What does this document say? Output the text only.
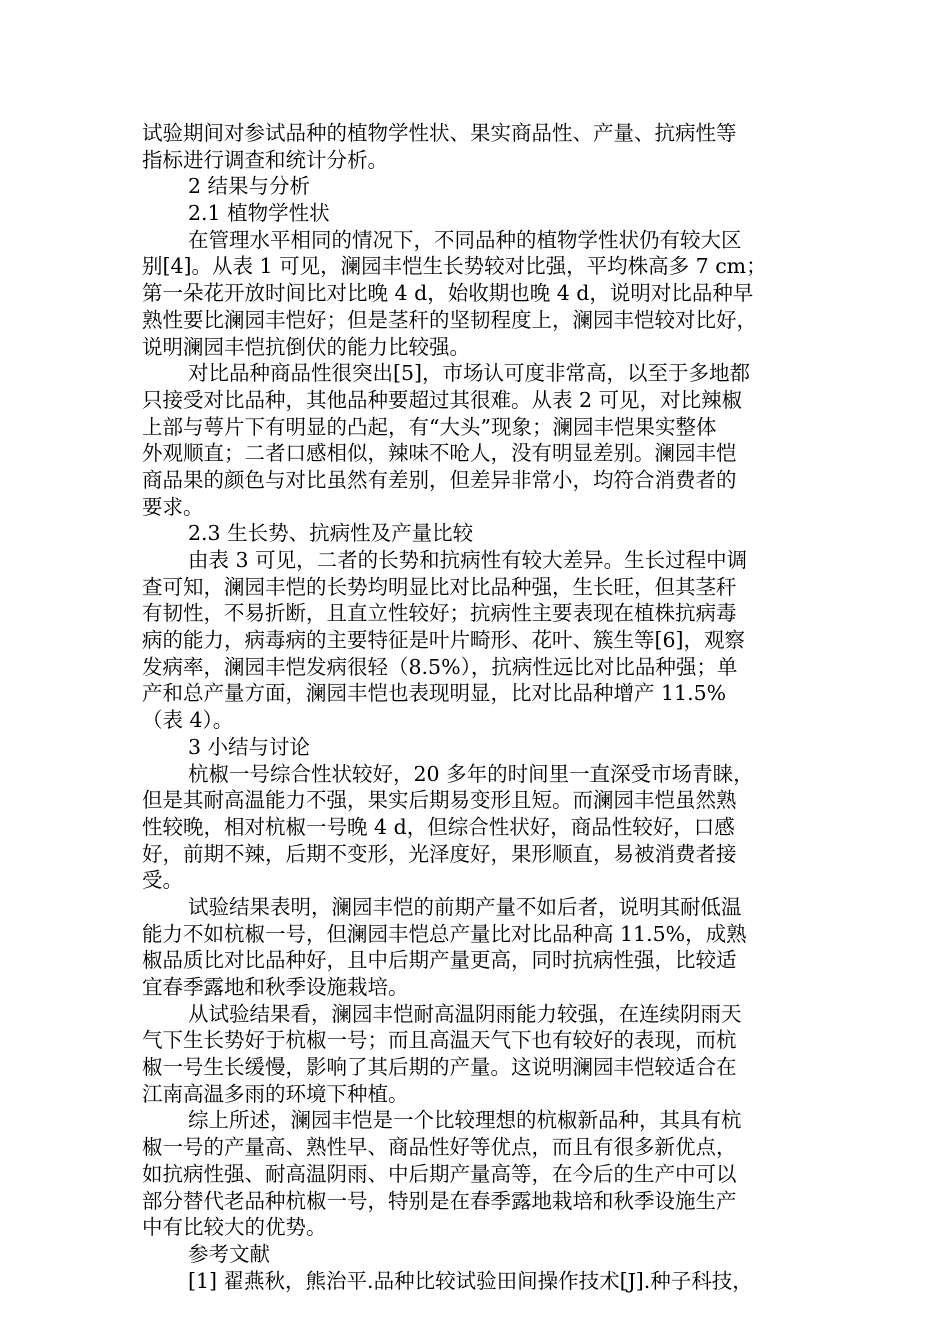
试验期间对参试品种的植物学性状、果实商品性、产量、抗病性等
指标进行调查和统计分析。
2 结果与分析
2.1 植物学性状
在管理水平相同的情况下，不同品种的植物学性状仍有较大区
别[4]。从表 1 可见，澜园丰恺生长势较对比强，平均株高多 7 cm；
第一朵花开放时间比对比晚 4 d，始收期也晚 4 d，说明对比品种早
熟性要比澜园丰恺好；但是茎秆的坚韧程度上，澜园丰恺较对比好，
说明澜园丰恺抗倒伏的能力比较强。
对比品种商品性很突出[5]，市场认可度非常高，以至于多地都
只接受对比品种，其他品种要超过其很难。从表 2 可见，对比辣椒
上部与萼片下有明显的凸起，有“大头”现象；澜园丰恺果实整体
外观顺直；二者口感相似，辣味不呛人，没有明显差别。澜园丰恺
商品果的颜色与对比虽然有差别，但差异非常小，均符合消费者的
要求。
2.3 生长势、抗病性及产量比较
由表 3 可见，二者的长势和抗病性有较大差异。生长过程中调
查可知，澜园丰恺的长势均明显比对比品种强，生长旺，但其茎秆
有韧性，不易折断，且直立性较好；抗病性主要表现在植株抗病毒
病的能力，病毒病的主要特征是叶片畸形、花叶、簇生等[6]，观察
发病率，澜园丰恺发病很轻（8.5%），抗病性远比对比品种强；单
产和总产量方面，澜园丰恺也表现明显，比对比品种增产 11.5%
（表 4）。
3 小结与讨论
杭椒一号综合性状较好，20 多年的时间里一直深受市场青睐，
但是其耐高温能力不强，果实后期易变形且短。而澜园丰恺虽然熟
性较晚，相对杭椒一号晚 4 d，但综合性状好，商品性较好，口感
好，前期不辣，后期不变形，光泽度好，果形顺直，易被消费者接
受。
试验结果表明，澜园丰恺的前期产量不如后者，说明其耐低温
能力不如杭椒一号，但澜园丰恺总产量比对比品种高 11.5%，成熟
椒品质比对比品种好，且中后期产量更高，同时抗病性强，比较适
宜春季露地和秋季设施栽培。
从试验结果看，澜园丰恺耐高温阴雨能力较强，在连续阴雨天
气下生长势好于杭椒一号；而且高温天气下也有较好的表现，而杭
椒一号生长缓慢，影响了其后期的产量。这说明澜园丰恺较适合在
江南高温多雨的环境下种植。
综上所述，澜园丰恺是一个比较理想的杭椒新品种，其具有杭
椒一号的产量高、熟性早、商品性好等优点，而且有很多新优点，
如抗病性强、耐高温阴雨、中后期产量高等，在今后的生产中可以
部分替代老品种杭椒一号，特别是在春季露地栽培和秋季设施生产
中有比较大的优势。
参考文献
[1] 翟燕秋，熊治平.品种比较试验田间操作技术[J].种子科技，
